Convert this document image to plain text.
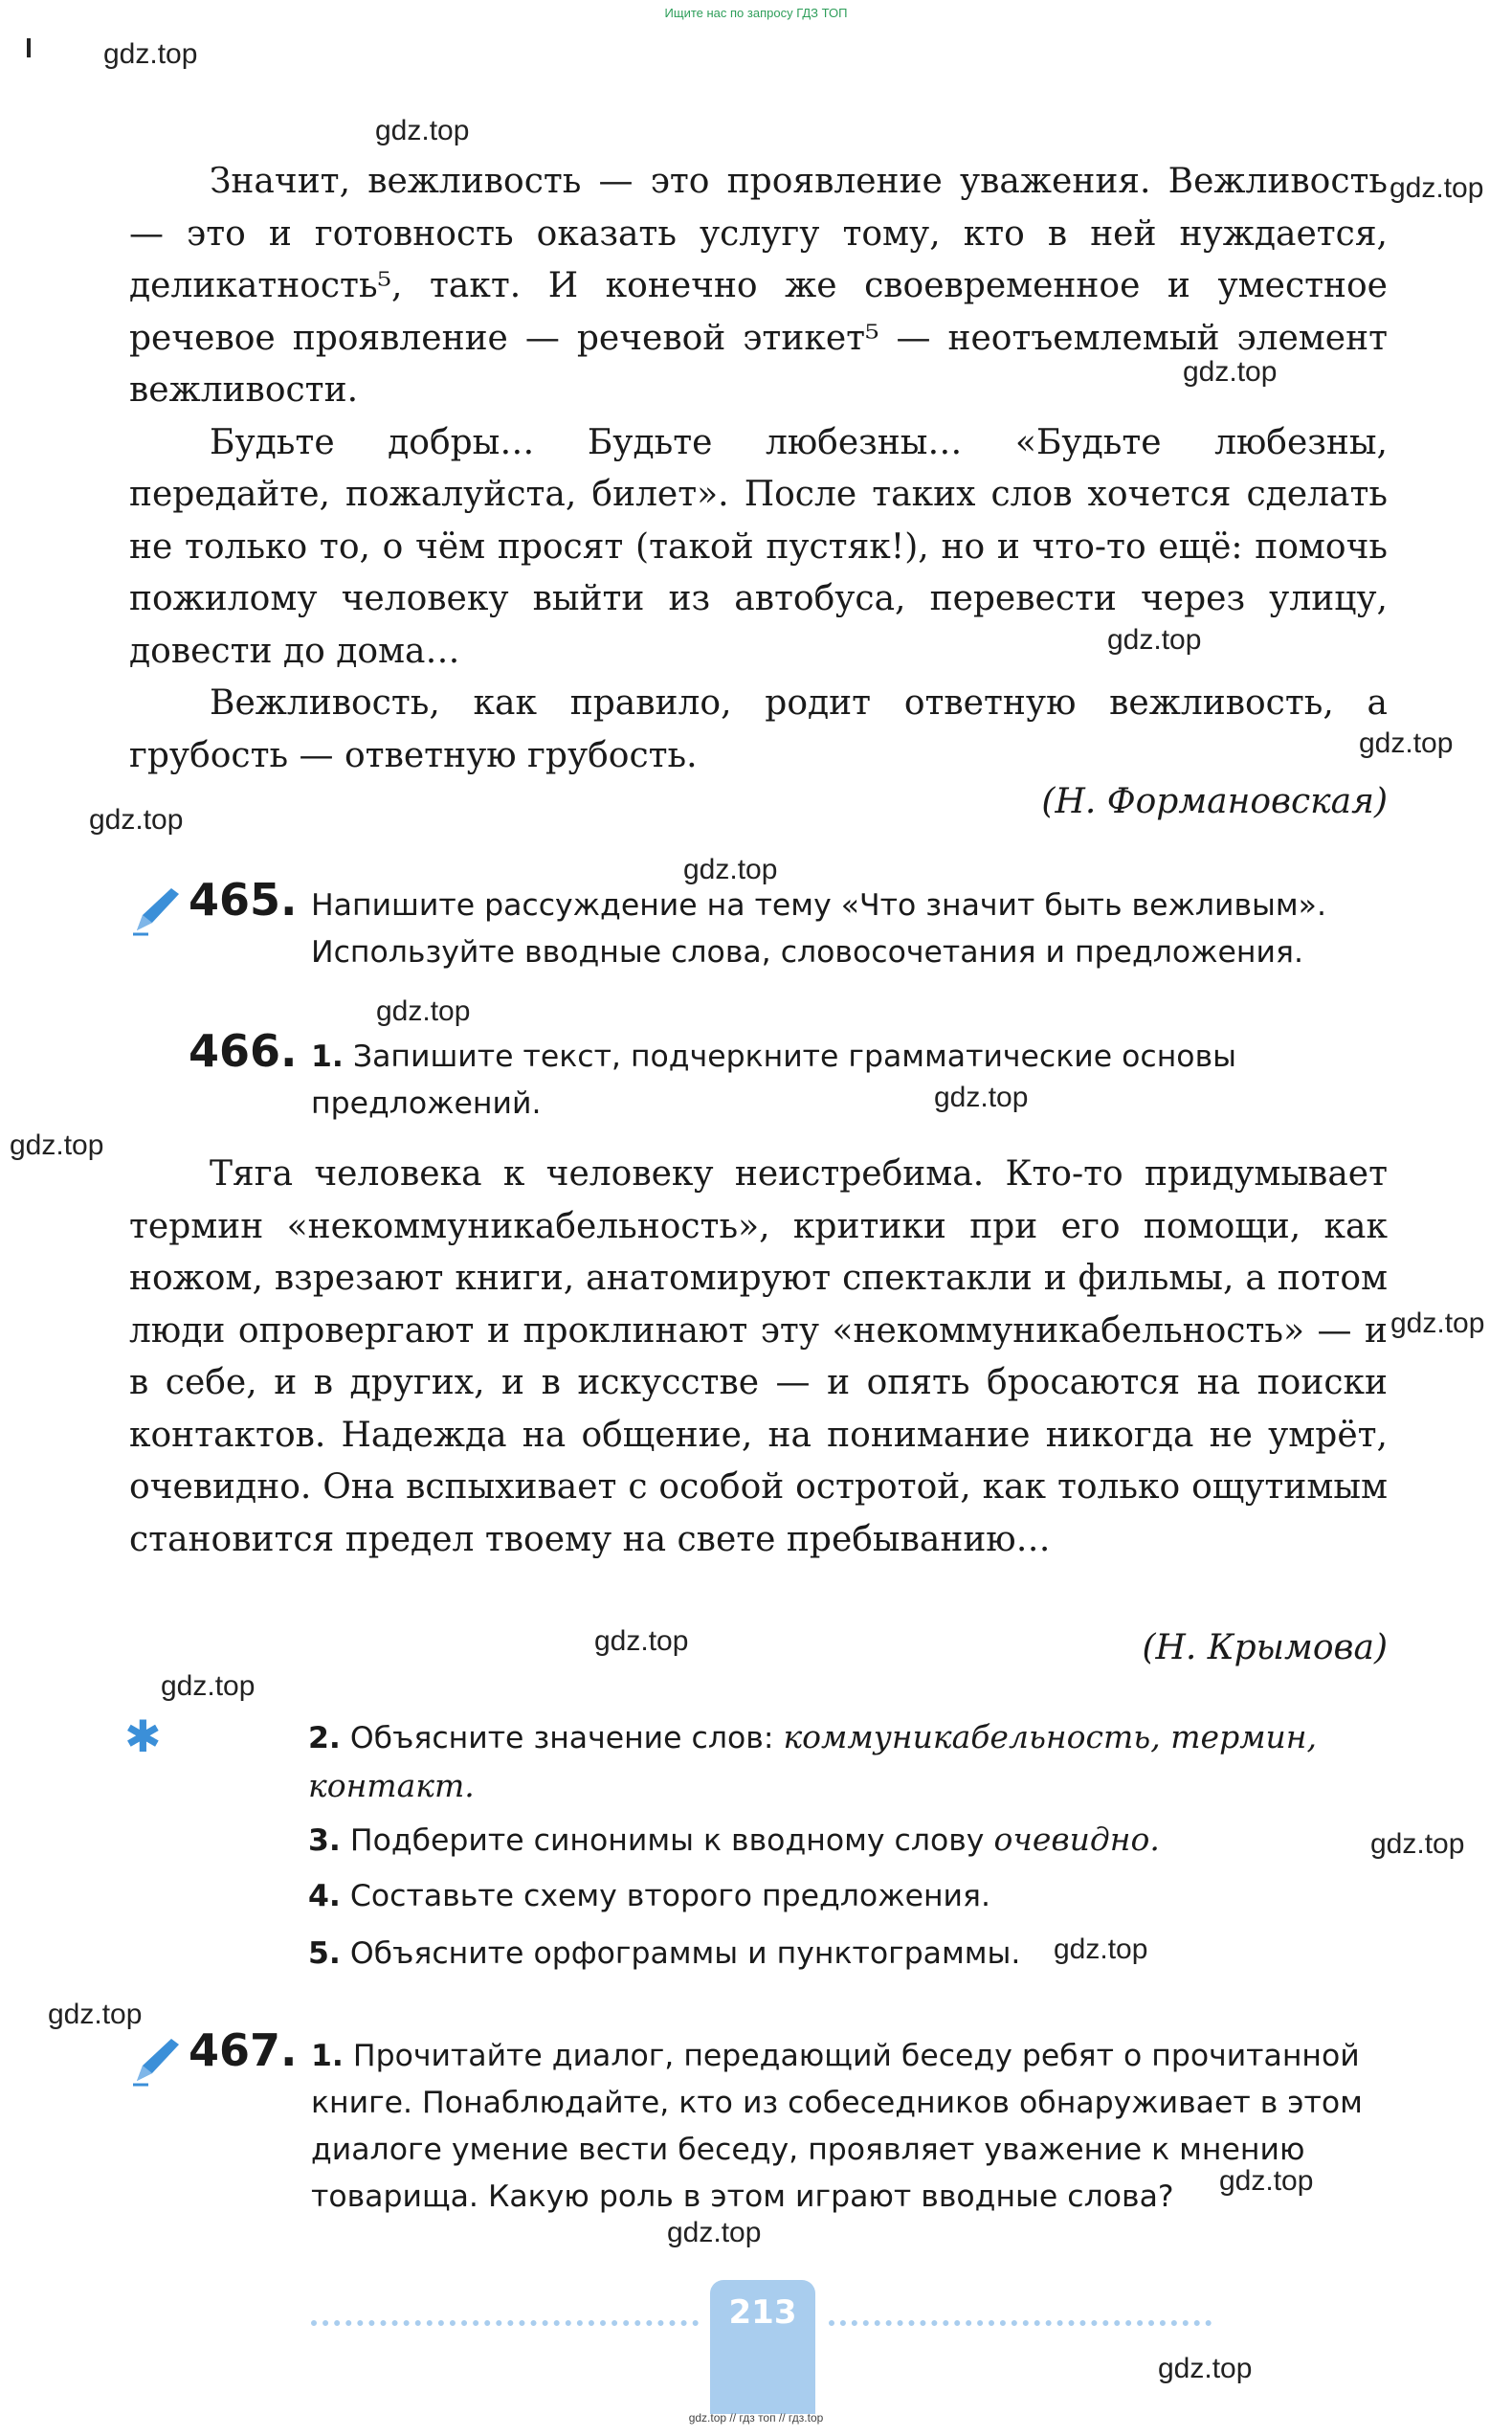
Ищите нас по запросу ГДЗ ТОП

Значит, вежливость — это проявление уважения. Вежливость — это и готовность оказать услугу тому, кто в ней нуждается, деликатность⁵, такт. И конечно же своевременное и уместное речевое проявление — речевой этикет⁵ — неотъемлемый элемент вежливости.

Будьте добры… Будьте любезны… «Будьте любезны, передайте, пожалуйста, билет». После таких слов хочется сделать не только то, о чём просят (такой пустяк!), но и что-то ещё: помочь пожилому человеку выйти из автобуса, перевести через улицу, довести до дома…

Вежливость, как правило, родит ответную вежливость, а грубость — ответную грубость.

(Н. Формановская)
465. Напишите рассуждение на тему «Что значит быть вежливым». Используйте вводные слова, словосочетания и предложения.
466. 1. Запишите текст, подчеркните грамматические основы предложений.

Тяга человека к человеку неистребима. Кто-то придумывает термин «некоммуникабельность», критики при его помощи, как ножом, взрезают книги, анатомируют спектакли и фильмы, а потом люди опровергают и проклинают эту «некоммуникабельность» — и в себе, и в других, и в искусстве — и опять бросаются на поиски контактов. Надежда на общение, на понимание никогда не умрёт, очевидно. Она вспыхивает с особой остротой, как только ощутимым становится предел твоему на свете пребыванию…

(Н. Крымова)
✱	2. Объясните значение слов: коммуникабельность, термин, контакт.
3. Подберите синонимы к вводному слову очевидно.
4. Составьте схему второго предложения.
5. Объясните орфограммы и пунктограммы.
467. 1. Прочитайте диалог, передающий беседу ребят о прочитанной книге. Понаблюдайте, кто из собеседников обнаруживает в этом диалоге умение вести беседу, проявляет уважение к мнению товарища. Какую роль в этом играют вводные слова?
213
gdz.top
gdz.top
gdz.top
gdz.top
gdz.top
gdz.top
gdz.top
gdz.top
gdz.top
gdz.top
gdz.top
gdz.top
gdz.top
gdz.top
gdz.top
gdz.top
gdz.top
gdz.top
gdz.top
gdz.top
gdz.top // гдз топ // гдз.top
